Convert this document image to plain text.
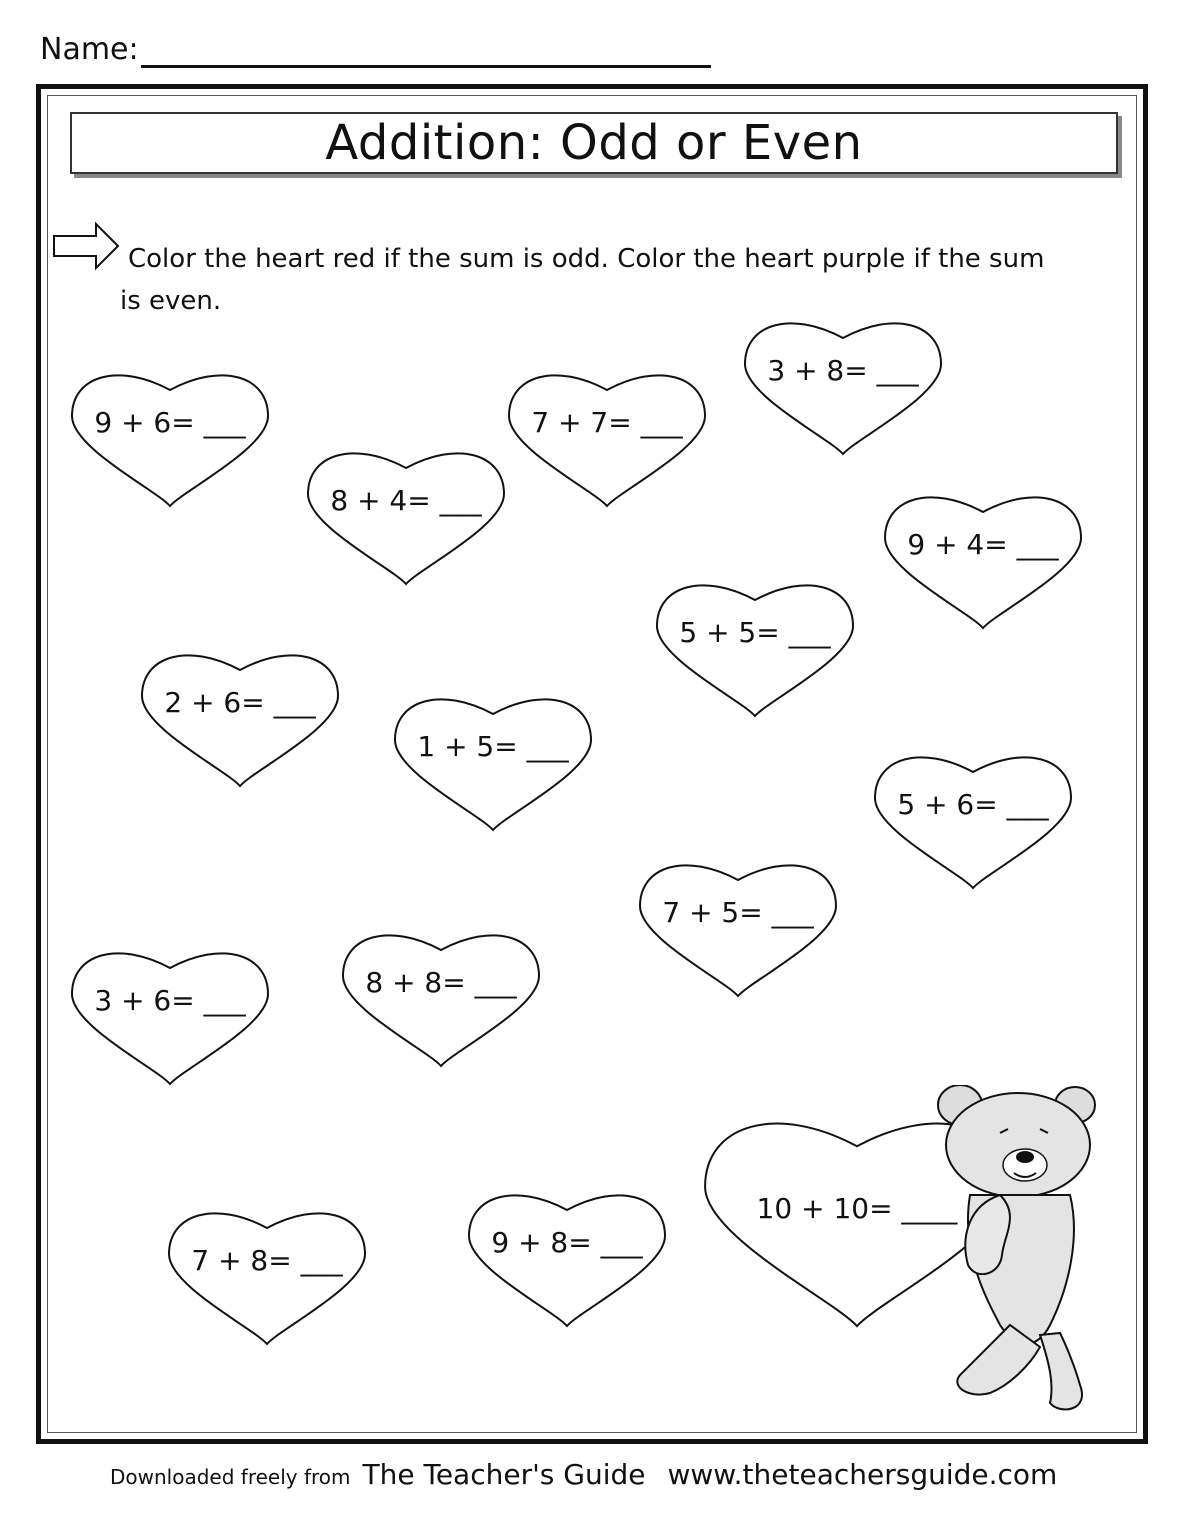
Name:
Addition: Odd or Even
Color the heart red if the sum is odd. Color the heart purple if the sum
is even.
9 + 6= ___
8 + 4= ___
7 + 7= ___
3 + 8= ___
9 + 4= ___
5 + 5= ___
2 + 6= ___
1 + 5= ___
5 + 6= ___
7 + 5= ___
3 + 6= ___
8 + 8= ___
7 + 8= ___
9 + 8= ___
10 + 10= ____
Downloaded freely from The Teacher's Guide www.theteachersguide.com
